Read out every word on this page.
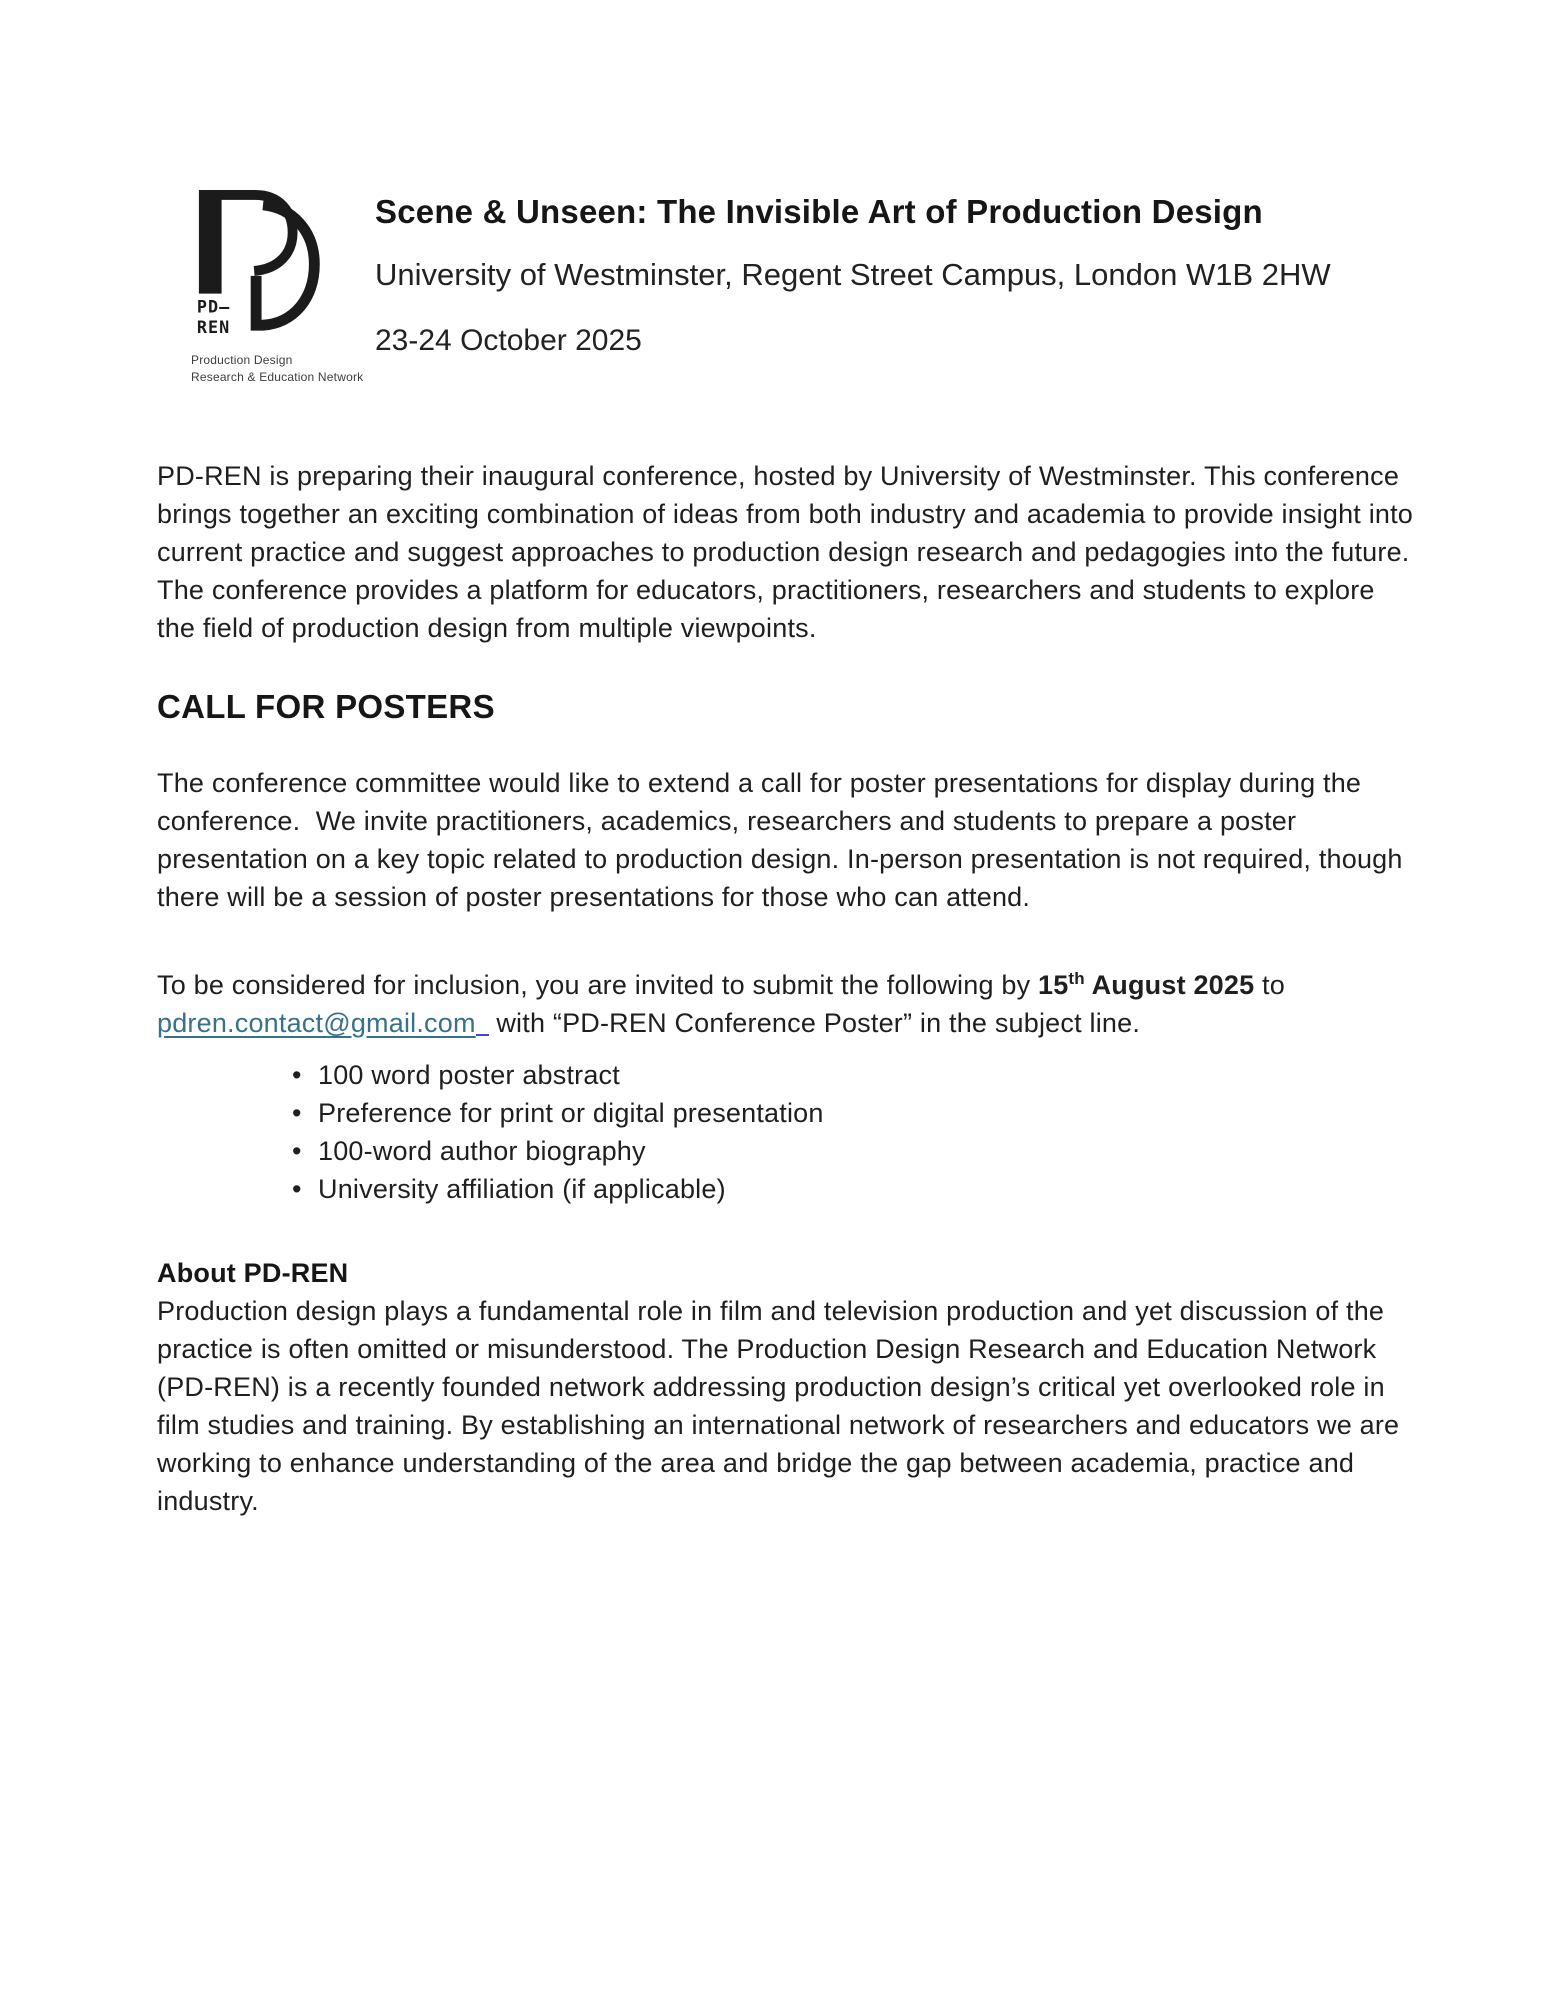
PD–
REN
Production Design
Research & Education Network
Scene & Unseen: The Invisible Art of Production Design
University of Westminster, Regent Street Campus, London W1B 2HW
23-24 October 2025

PD-REN is preparing their inaugural conference, hosted by University of Westminster. This conference brings together an exciting combination of ideas from both industry and academia to provide insight into current practice and suggest approaches to production design research and pedagogies into the future. The conference provides a platform for educators, practitioners, researchers and students to explore the field of production design from multiple viewpoints.

CALL FOR POSTERS

The conference committee would like to extend a call for poster presentations for display during the conference.  We invite practitioners, academics, researchers and students to prepare a poster presentation on a key topic related to production design. In-person presentation is not required, though there will be a session of poster presentations for those who can attend.

To be considered for inclusion, you are invited to submit the following by 15th August 2025 to pdren.contact@gmail.com with “PD-REN Conference Poster” in the subject line.

• 100 word poster abstract
• Preference for print or digital presentation
• 100-word author biography
• University affiliation (if applicable)
About PD-REN

Production design plays a fundamental role in film and television production and yet discussion of the practice is often omitted or misunderstood. The Production Design Research and Education Network (PD-REN) is a recently founded network addressing production design’s critical yet overlooked role in film studies and training. By establishing an international network of researchers and educators we are working to enhance understanding of the area and bridge the gap between academia, practice and industry.
